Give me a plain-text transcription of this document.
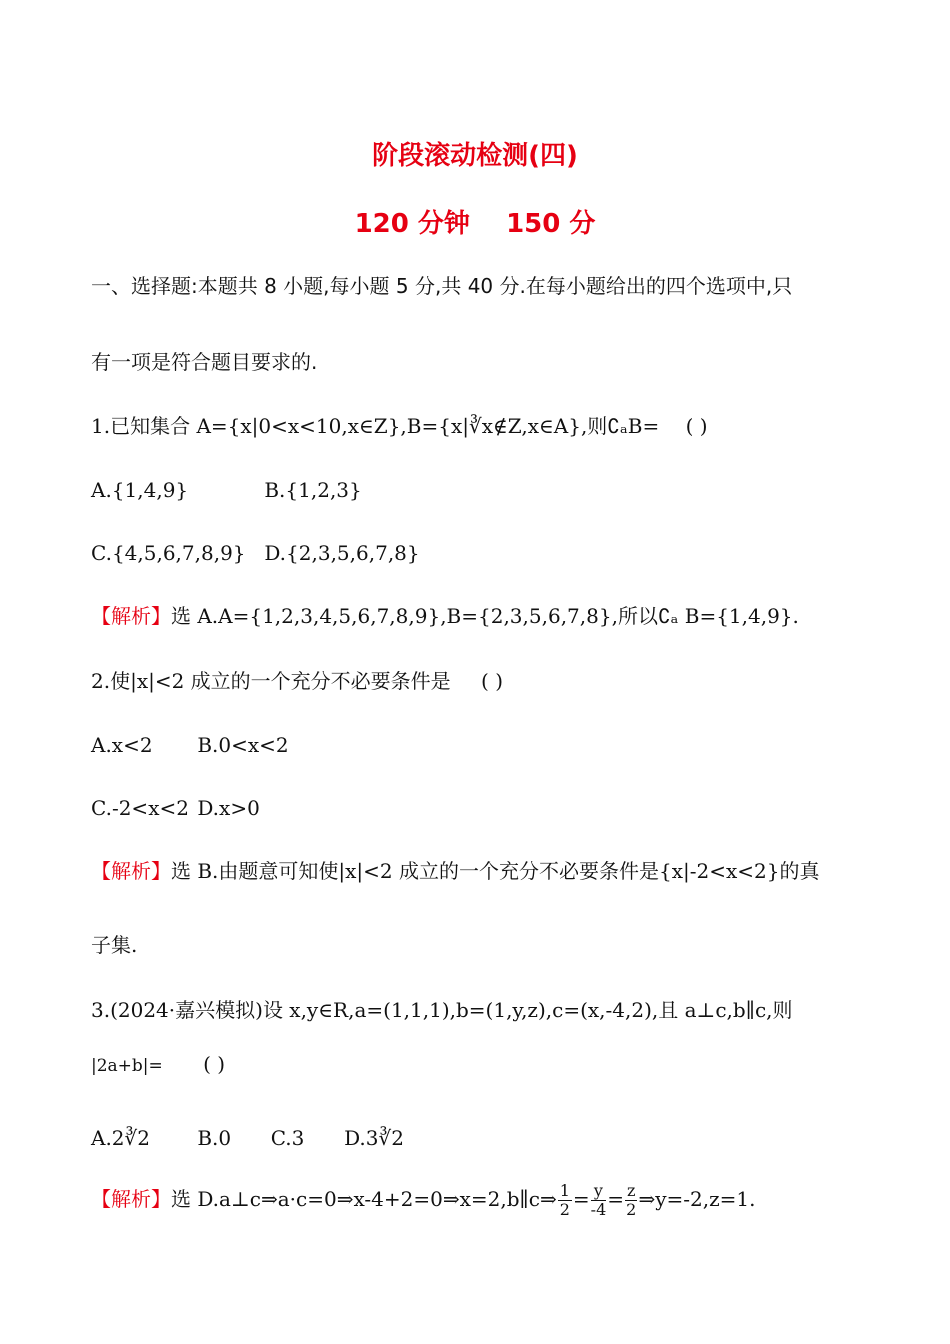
阶段滚动检测(四)
120 分钟    150 分
一、选择题:本题共 8 小题,每小题 5 分,共 40 分.在每小题给出的四个选项中,只
有一项是符合题目要求的.
1.已知集合 A={x|0<x<10,x∈Z},B={x|∛x∉Z,x∈A},则∁ₐB= ( )
A.{1,4,9}	B.{1,2,3}
C.{4,5,6,7,8,9} D.{2,3,5,6,7,8}
【解析】选 A.A={1,2,3,4,5,6,7,8,9},B={2,3,5,6,7,8},所以∁ₐ B={1,4,9}.
2.使|x|<2 成立的一个充分不必要条件是 ( )
A.x<2 B.0<x<2
C.-2<x<2 D.x>0
【解析】选 B.由题意可知使|x|<2 成立的一个充分不必要条件是{x|-2<x<2}的真
子集.
3.(2024·嘉兴模拟)设 x,y∈R,a=(1,1,1),b=(1,y,z),c=(x,-4,2),且 a⊥c,b∥c,则
|2a+b|= ( )
A.2∛2 B.0 C.3 D.3∛2
【解析】选 D.a⊥c⇒a·c=0⇒x-4+2=0⇒x=2,b∥c⇒ $\frac{1}{2} = \frac{y}{-4} = \frac{z}{2}$ ⇒y=-2,z=1.
